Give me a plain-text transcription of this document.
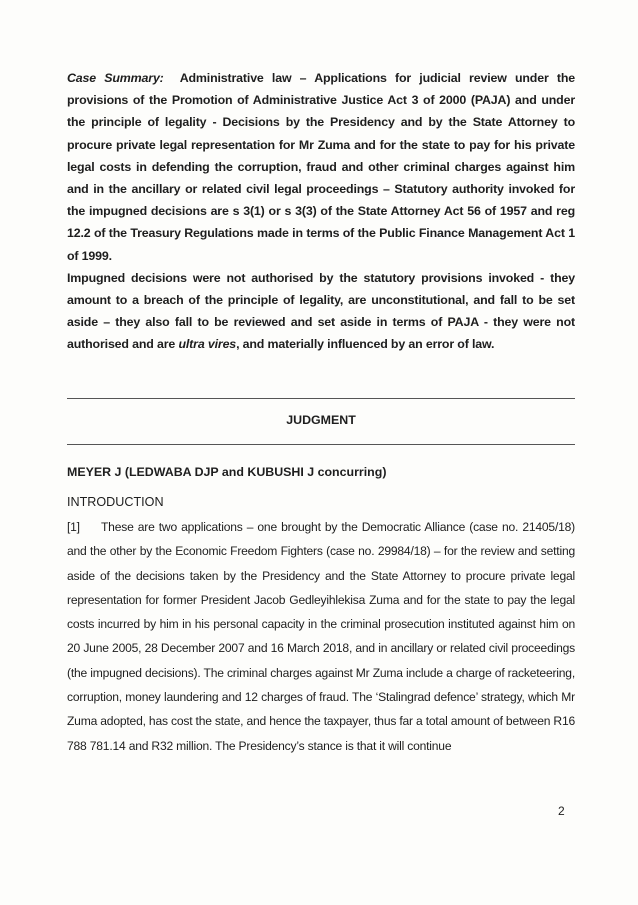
Case Summary: Administrative law – Applications for judicial review under the provisions of the Promotion of Administrative Justice Act 3 of 2000 (PAJA) and under the principle of legality - Decisions by the Presidency and by the State Attorney to procure private legal representation for Mr Zuma and for the state to pay for his private legal costs in defending the corruption, fraud and other criminal charges against him and in the ancillary or related civil legal proceedings – Statutory authority invoked for the impugned decisions are s 3(1) or s 3(3) of the State Attorney Act 56 of 1957 and reg 12.2 of the Treasury Regulations made in terms of the Public Finance Management Act 1 of 1999.

Impugned decisions were not authorised by the statutory provisions invoked - they amount to a breach of the principle of legality, are unconstitutional, and fall to be set aside – they also fall to be reviewed and set aside in terms of PAJA - they were not authorised and are ultra vires, and materially influenced by an error of law.

JUDGMENT
MEYER J (LEDWABA DJP and KUBUSHI J concurring)
INTRODUCTION

[1] These are two applications – one brought by the Democratic Alliance (case no. 21405/18) and the other by the Economic Freedom Fighters (case no. 29984/18) – for the review and setting aside of the decisions taken by the Presidency and the State Attorney to procure private legal representation for former President Jacob Gedleyihlekisa Zuma and for the state to pay the legal costs incurred by him in his personal capacity in the criminal prosecution instituted against him on 20 June 2005, 28 December 2007 and 16 March 2018, and in ancillary or related civil proceedings (the impugned decisions). The criminal charges against Mr Zuma include a charge of racketeering, corruption, money laundering and 12 charges of fraud. The ‘Stalingrad defence’ strategy, which Mr Zuma adopted, has cost the state, and hence the taxpayer, thus far a total amount of between R16 788 781.14 and R32 million. The Presidency’s stance is that it will continue

2
